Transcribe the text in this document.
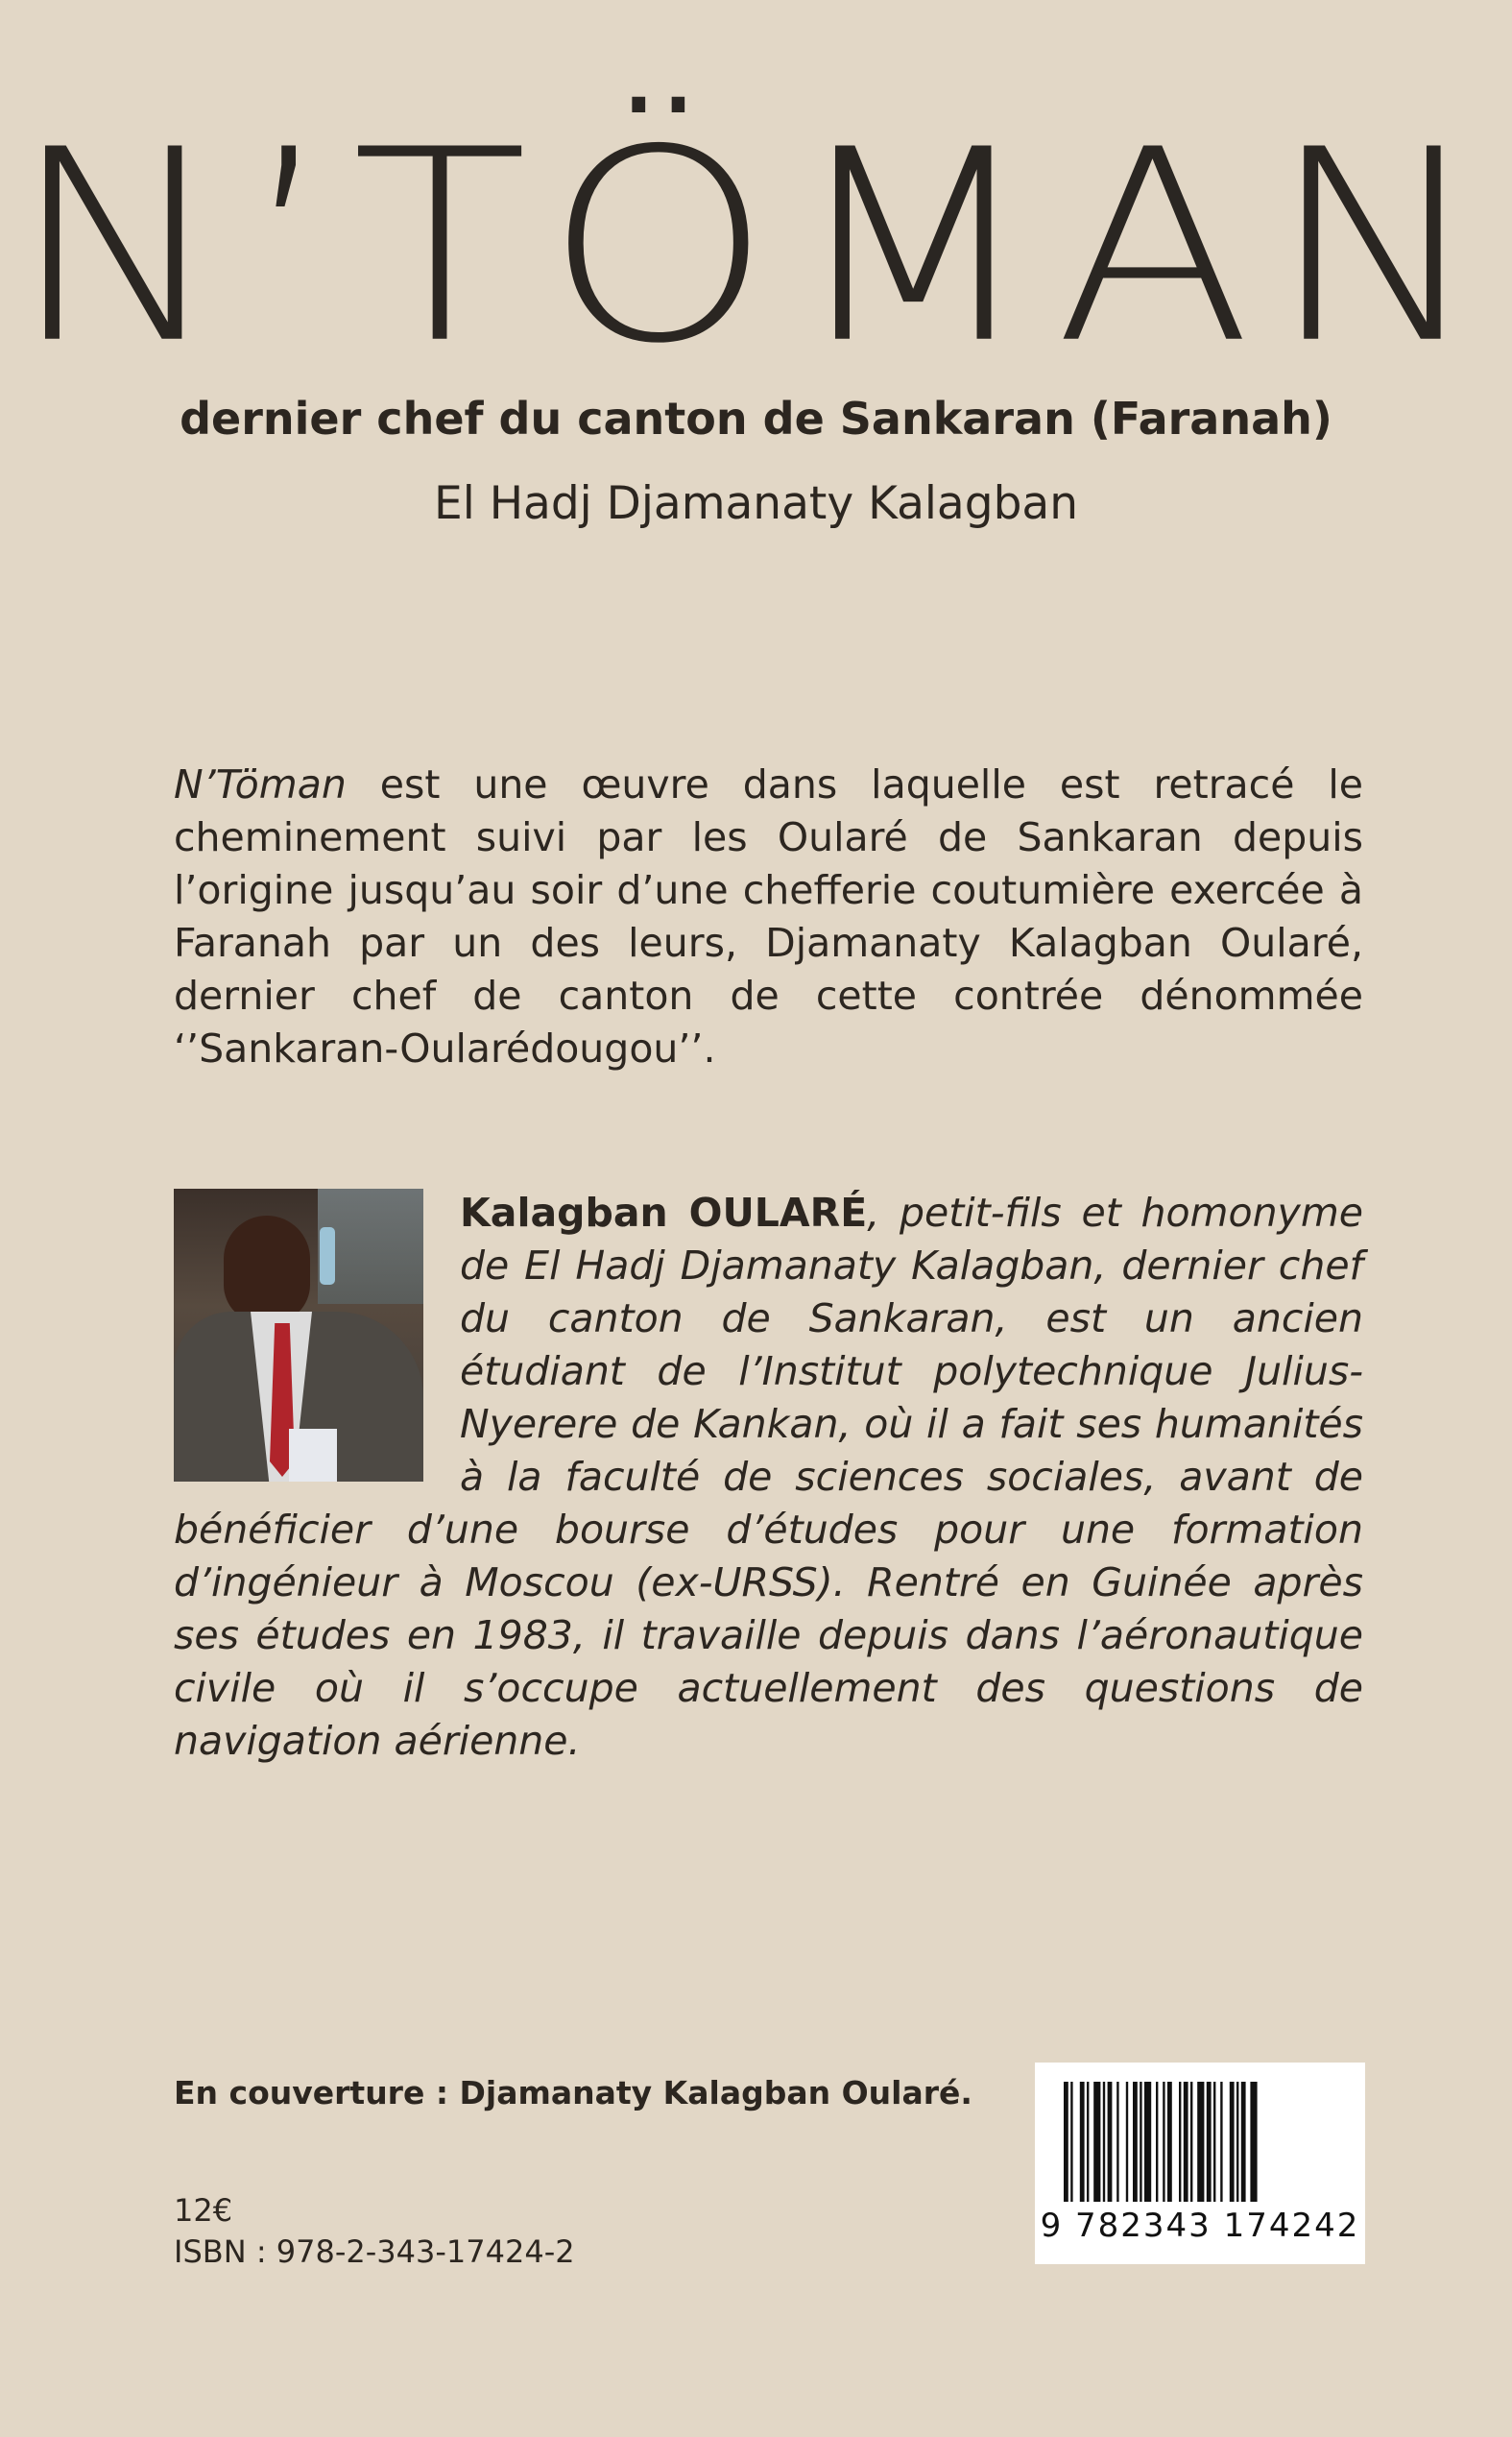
N’TÖMAN
dernier chef du canton de Sankaran (Faranah)
El Hadj Djamanaty Kalagban
N’Töman est une œuvre dans laquelle est retracé le cheminement suivi par les Oularé de Sankaran depuis l’origine jusqu’au soir d’une chefferie coutumière exercée à Faranah par un des leurs, Djamanaty Kalagban Oularé, dernier chef de canton de cette contrée dénommée ‘’Sankaran-Oularédougou’’.
Kalagban OULARÉ, petit-fils et homonyme de El Hadj Djamanaty Kalagban, dernier chef du canton de Sankaran, est un ancien étudiant de l’Institut polytechnique Julius-Nyerere de Kankan, où il a fait ses humanités à la faculté de sciences sociales, avant de bénéficier d’une bourse d’études pour une formation d’ingénieur à Moscou (ex-URSS). Rentré en Guinée après ses études en 1983, il travaille depuis dans l’aéronautique civile où il s’occupe actuellement des questions de navigation aérienne.
En couverture : Djamanaty Kalagban Oularé.
12€
ISBN : 978-2-343-17424-2
9 782343 174242
